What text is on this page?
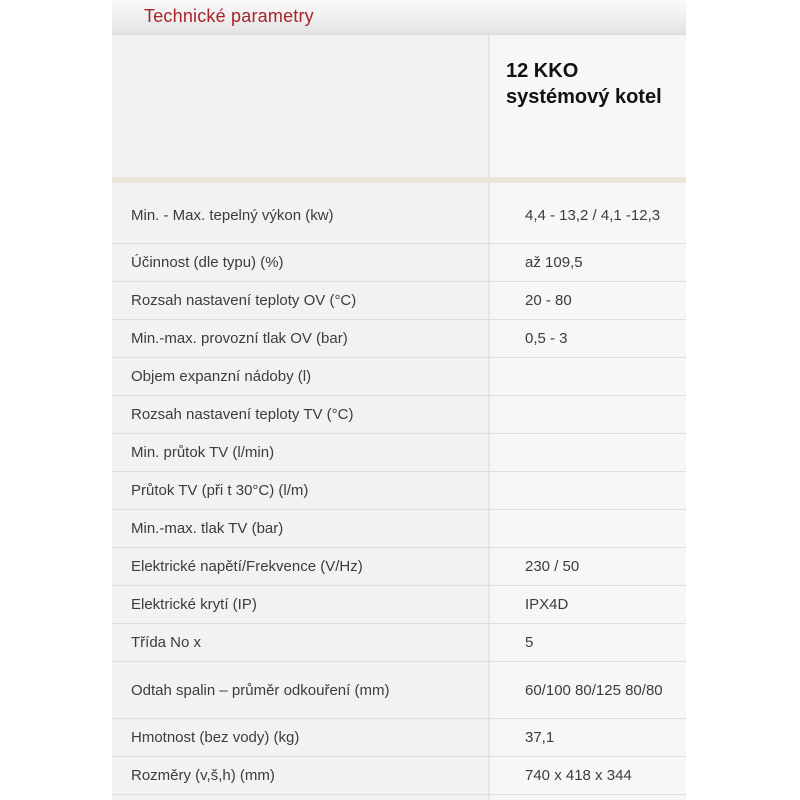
Technické parametry
12 KKO systémový kotel
Min. - Max. tepelný výkon (kw)	4,4 - 13,2 / 4,1 -12,3
Účinnost (dle typu) (%)	až 109,5
Rozsah nastavení teploty OV (°C)	20 - 80
Min.-max. provozní tlak OV (bar)	0,5 - 3
Objem expanzní nádoby (l)	
Rozsah nastavení teploty TV (°C)	
Min. průtok TV (l/min)	
Průtok TV (při t 30°C) (l/m)	
Min.-max. tlak TV (bar)	
Elektrické napětí/Frekvence (V/Hz)	230 / 50
Elektrické krytí (IP)	IPX4D
Třída No x	5
Odtah spalin – průměr odkouření (mm)	60/100 80/125 80/80
Hmotnost (bez vody) (kg)	37,1
Rozměry (v,š,h) (mm)	740 x 418 x 344
